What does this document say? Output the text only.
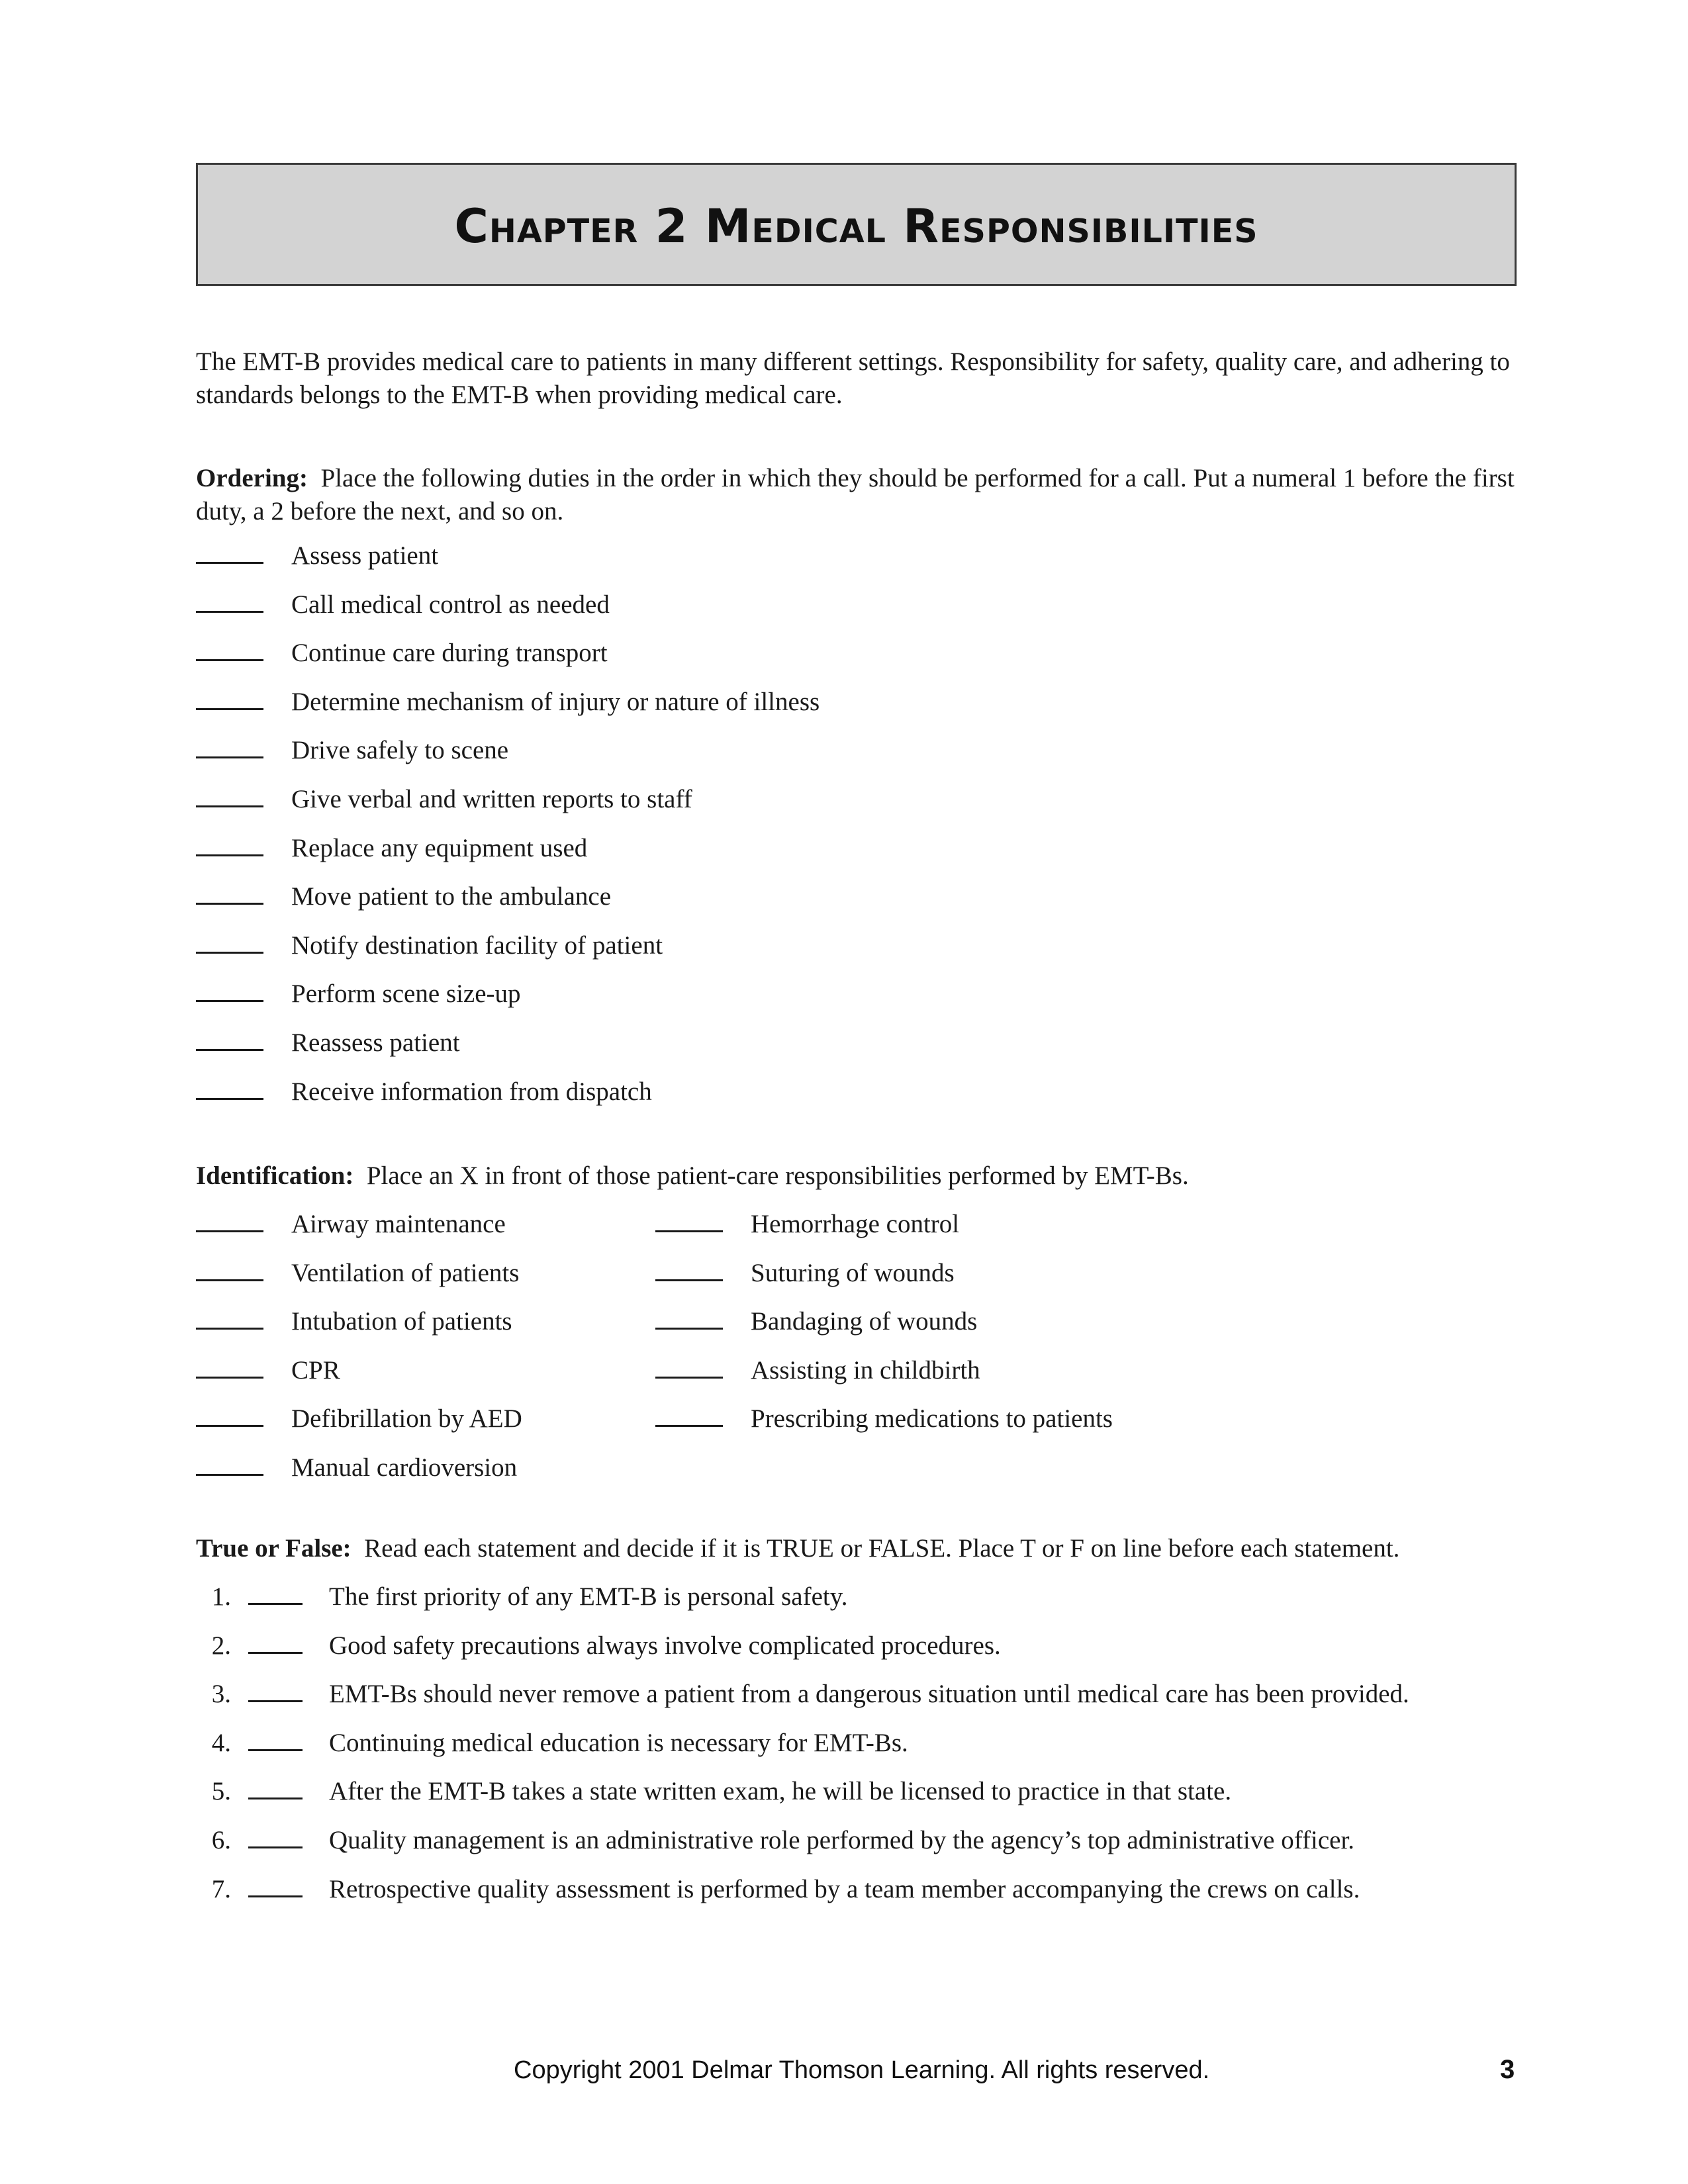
Chapter 2 Medical Responsibilities

The EMT-B provides medical care to patients in many different settings. Responsibility for safety, quality care, and adhering to standards belongs to the EMT-B when providing medical care.

Ordering: Place the following duties in the order in which they should be performed for a call. Put a numeral 1 before the first duty, a 2 before the next, and so on.

Assess patient
Call medical control as needed
Continue care during transport
Determine mechanism of injury or nature of illness
Drive safely to scene
Give verbal and written reports to staff
Replace any equipment used
Move patient to the ambulance
Notify destination facility of patient
Perform scene size-up
Reassess patient
Receive information from dispatch

Identification: Place an X in front of those patient-care responsibilities performed by EMT-Bs.

Airway maintenance
Ventilation of patients
Intubation of patients
CPR
Defibrillation by AED
Manual cardioversion
Hemorrhage control
Suturing of wounds
Bandaging of wounds
Assisting in childbirth
Prescribing medications to patients

True or False: Read each statement and decide if it is TRUE or FALSE. Place T or F on line before each statement.

1.	The first priority of any EMT-B is personal safety.
2.	Good safety precautions always involve complicated procedures.
3.	EMT-Bs should never remove a patient from a dangerous situation until medical care has been provided.
4.	Continuing medical education is necessary for EMT-Bs.
5.	After the EMT-B takes a state written exam, he will be licensed to practice in that state.
6.	Quality management is an administrative role performed by the agency’s top administrative officer.
7.	Retrospective quality assessment is performed by a team member accompanying the crews on calls.
Copyright 2001 Delmar Thomson Learning. All rights reserved.	3
